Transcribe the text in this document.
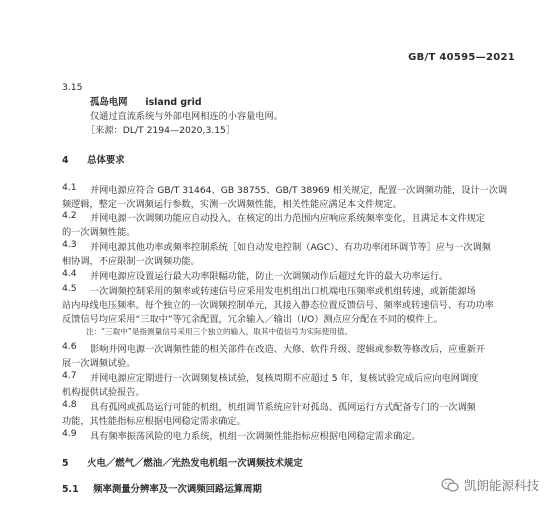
GB/T 40595—2021
3.15
孤岛电网 island grid
仅通过直流系统与外部电网相连的小容量电网。
［来源：DL/T 2194—2020,3.15］
4 总体要求
4.1 并网电源应符合 GB/T 31464、GB 38755、GB/T 38969 相关规定，配置一次调频功能，设计一次调
频逻辑，整定一次调频运行参数，实测一次调频性能，相关性能应满足本文件规定。
4.2 并网电源一次调频功能应自动投入，在核定的出力范围内应响应系统频率变化，且满足本文件规定
的一次调频性能。
4.3 并网电源其他功率或频率控制系统［如自动发电控制（AGC）、有功功率闭环调节等］应与一次调频
相协调，不应限制一次调频功能。
4.4 并网电源应设置运行最大功率限幅功能，防止一次调频动作后超过允许的最大功率运行。
4.5 一次调频控制采用的频率或转速信号应采用发电机组出口机端电压频率或机组转速，或新能源场
站内母线电压频率。每个独立的一次调频控制单元，其接入静态位置反馈信号、频率或转速信号、有功功率
反馈信号均应采用“三取中”等冗余配置，冗余输入／输出（I/O）测点应分配在不同的模件上。
注：“三取中”是指测量信号采用三个独立的输入，取其中值信号为实际使用值。
4.6 影响并网电源一次调频性能的相关部件在改造、大修、软件升级、逻辑或参数等修改后，应重新开
展一次调频试验。
4.7 并网电源应定期进行一次调频复核试验，复核周期不应超过 5 年，复核试验完成后应向电网调度
机构提供试验报告。
4.8 具有孤网或孤岛运行可能的机组，机组调节系统应针对孤岛、孤网运行方式配备专门的一次调频
功能，其性能指标应根据电网稳定需求确定。
4.9 具有频率振荡风险的电力系统，机组一次调频性能指标应根据电网稳定需求确定。
5 火电／燃气／燃油／光热发电机组一次调频技术规定
5.1 频率测量分辨率及一次调频回路运算周期	凯朗能源科技
